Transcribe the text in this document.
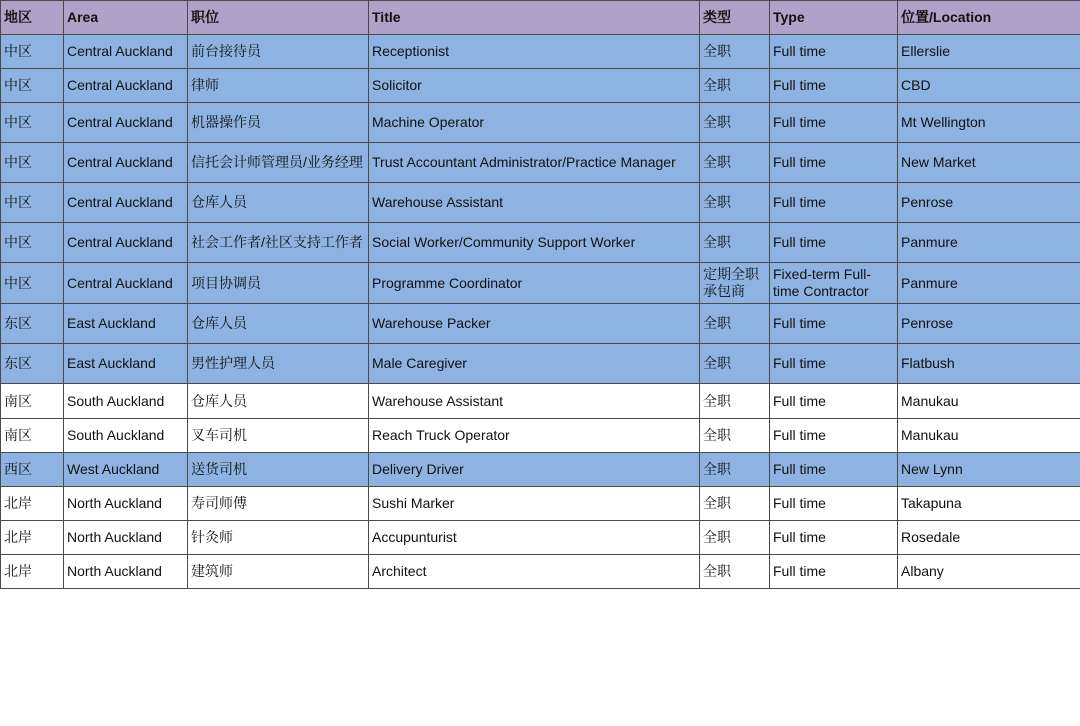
地区	Area	职位	Title	类型	Type	位置/Location
中区	Central Auckland	前台接待员	Receptionist	全职	Full time	Ellerslie
中区	Central Auckland	律师	Solicitor	全职	Full time	CBD
中区	Central Auckland	机器操作员	Machine Operator	全职	Full time	Mt Wellington
中区	Central Auckland	信托会计师管理员/业务经理	Trust Accountant Administrator/Practice Manager	全职	Full time	New Market
中区	Central Auckland	仓库人员	Warehouse Assistant	全职	Full time	Penrose
中区	Central Auckland	社会工作者/社区支持工作者	Social Worker/Community Support Worker	全职	Full time	Panmure
中区	Central Auckland	项目协调员	Programme Coordinator	定期全职承包商	Fixed-term Full-time Contractor	Panmure
东区	East Auckland	仓库人员	Warehouse Packer	全职	Full time	Penrose
东区	East Auckland	男性护理人员	Male Caregiver	全职	Full time	Flatbush
南区	South Auckland	仓库人员	Warehouse Assistant	全职	Full time	Manukau
南区	South Auckland	叉车司机	Reach Truck Operator	全职	Full time	Manukau
西区	West Auckland	送货司机	Delivery Driver	全职	Full time	New Lynn
北岸	North Auckland	寿司师傅	Sushi Marker	全职	Full time	Takapuna
北岸	North Auckland	针灸师	Accupunturist	全职	Full time	Rosedale
北岸	North Auckland	建筑师	Architect	全职	Full time	Albany
